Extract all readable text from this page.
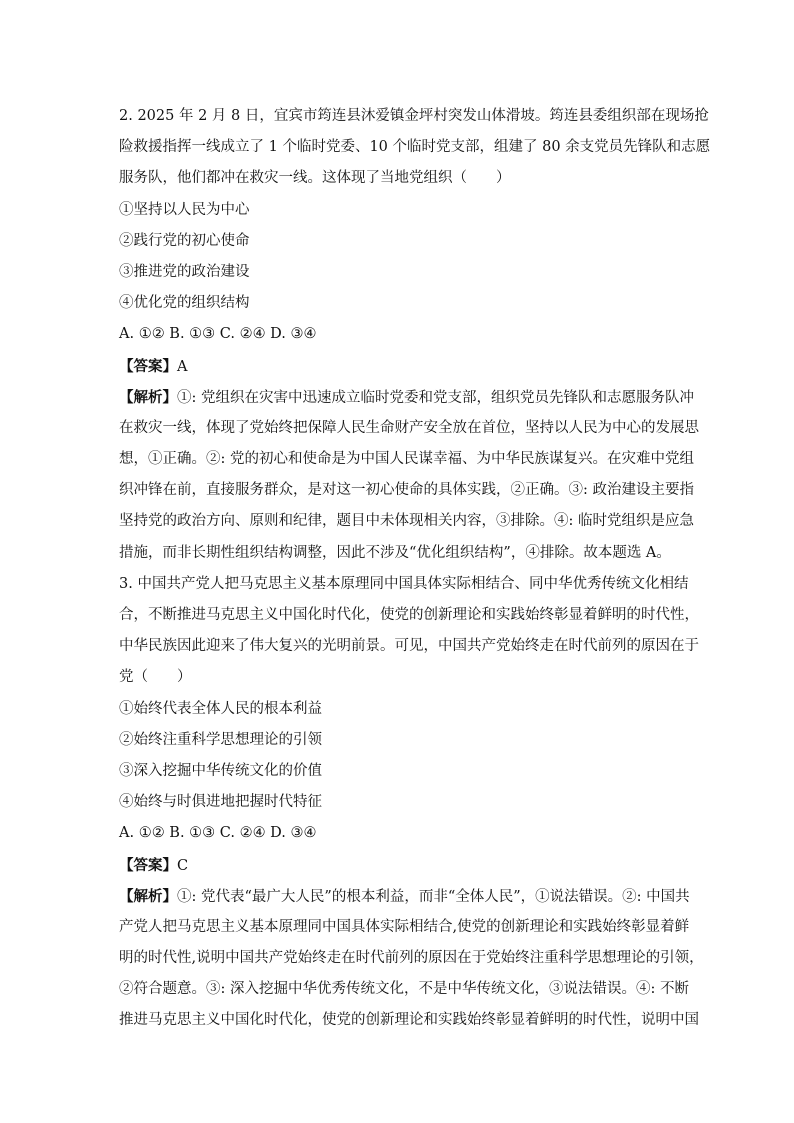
2. 2025 年 2 月 8 日，宜宾市筠连县沐爱镇金坪村突发山体滑坡。筠连县委组织部在现场抢
险救援指挥一线成立了 1 个临时党委、10 个临时党支部，组建了 80 余支党员先锋队和志愿
服务队，他们都冲在救灾一线。这体现了当地党组织（　　）
①坚持以人民为中心
②践行党的初心使命
③推进党的政治建设
④优化党的组织结构
A. ①② B. ①③ C. ②④ D. ③④
【答案】A
【解析】①: 党组织在灾害中迅速成立临时党委和党支部，组织党员先锋队和志愿服务队冲
在救灾一线，体现了党始终把保障人民生命财产安全放在首位，坚持以人民为中心的发展思
想，①正确。②: 党的初心和使命是为中国人民谋幸福、为中华民族谋复兴。在灾难中党组
织冲锋在前，直接服务群众，是对这一初心使命的具体实践，②正确。③: 政治建设主要指
坚持党的政治方向、原则和纪律，题目中未体现相关内容，③排除。④: 临时党组织是应急
措施，而非长期性组织结构调整，因此不涉及“优化组织结构”，④排除。故本题选 A。
3. 中国共产党人把马克思主义基本原理同中国具体实际相结合、同中华优秀传统文化相结
合，不断推进马克思主义中国化时代化，使党的创新理论和实践始终彰显着鲜明的时代性，
中华民族因此迎来了伟大复兴的光明前景。可见，中国共产党始终走在时代前列的原因在于
党（　　）
①始终代表全体人民的根本利益
②始终注重科学思想理论的引领
③深入挖掘中华传统文化的价值
④始终与时俱进地把握时代特征
A. ①② B. ①③ C. ②④ D. ③④
【答案】C
【解析】①: 党代表“最广大人民”的根本利益，而非“全体人民”，①说法错误。②: 中国共
产党人把马克思主义基本原理同中国具体实际相结合,使党的创新理论和实践始终彰显着鲜
明的时代性,说明中国共产党始终走在时代前列的原因在于党始终注重科学思想理论的引领，
②符合题意。③: 深入挖掘中华优秀传统文化，不是中华传统文化，③说法错误。④: 不断
推进马克思主义中国化时代化，使党的创新理论和实践始终彰显着鲜明的时代性，说明中国
